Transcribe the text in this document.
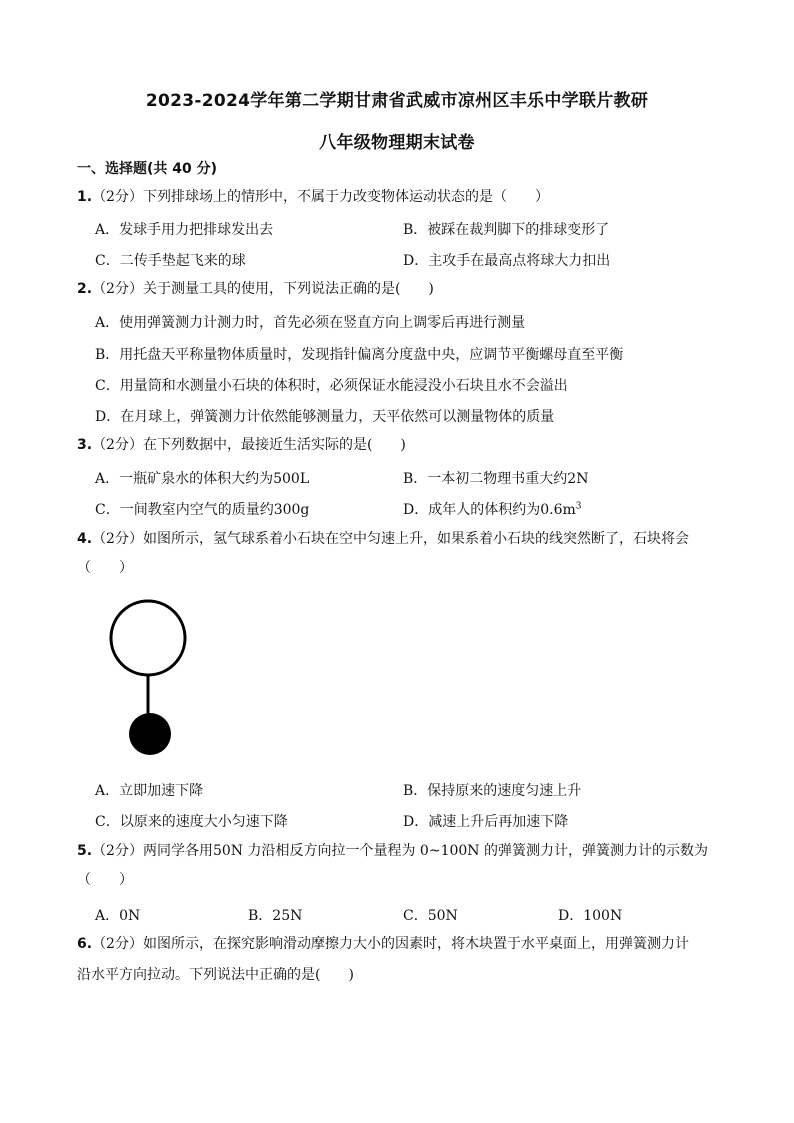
2023-2024学年第二学期甘肃省武威市凉州区丰乐中学联片教研
八年级物理期末试卷
一、选择题(共 40 分)
1.（2分）下列排球场上的情形中，不属于力改变物体运动状态的是（　　）
A．发球手用力把排球发出去	B．被踩在裁判脚下的排球变形了
C．二传手垫起飞来的球	D．主攻手在最高点将球大力扣出
2.（2分）关于测量工具的使用，下列说法正确的是(　　)
A．使用弹簧测力计测力时，首先必须在竖直方向上调零后再进行测量
B．用托盘天平称量物体质量时，发现指针偏离分度盘中央，应调节平衡螺母直至平衡
C．用量筒和水测量小石块的体积时，必须保证水能浸没小石块且水不会溢出
D．在月球上，弹簧测力计依然能够测量力，天平依然可以测量物体的质量
3.（2分）在下列数据中，最接近生活实际的是(　　)
A．一瓶矿泉水的体积大约为500L	B．一本初二物理书重大约2N
C．一间教室内空气的质量约300g	D．成年人的体积约为$0.6m^3$
4.（2分）如图所示，氢气球系着小石块在空中匀速上升，如果系着小石块的线突然断了，石块将会
（　　）
A．立即加速下降	B．保持原来的速度匀速上升
C．以原来的速度大小匀速下降	D．减速上升后再加速下降
5.（2分）两同学各用50N 力沿相反方向拉一个量程为 0~100N 的弹簧测力计，弹簧测力计的示数为
（　　）
A．0N	B．25N	C．50N	D．100N
6.（2分）如图所示，在探究影响滑动摩擦力大小的因素时，将木块置于水平桌面上，用弹簧测力计
沿水平方向拉动。下列说法中正确的是(　　)
